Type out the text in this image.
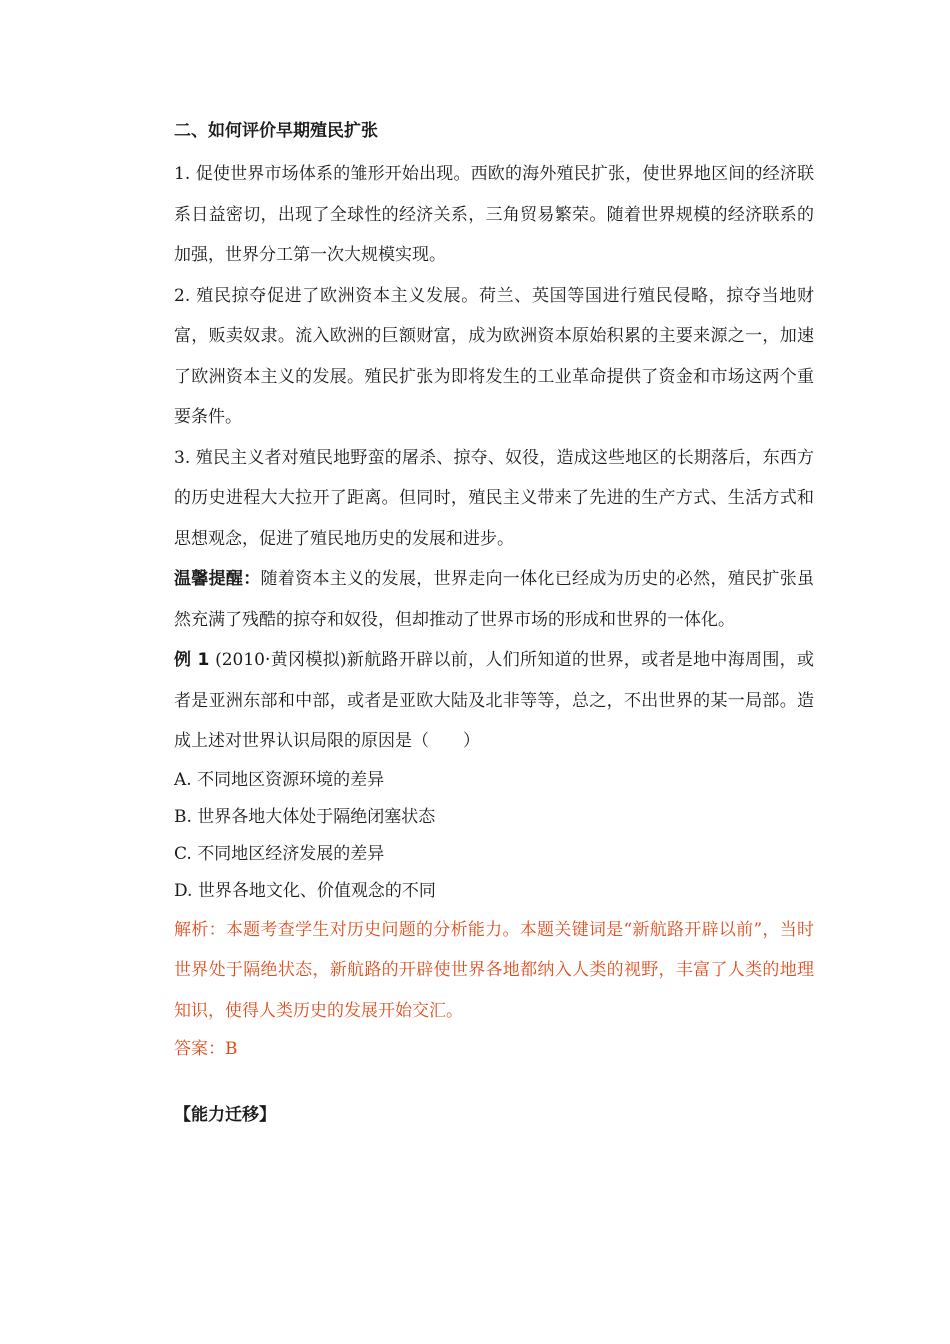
二、如何评价早期殖民扩张

1. 促使世界市场体系的雏形开始出现。西欧的海外殖民扩张，使世界地区间的经济联系日益密切，出现了全球性的经济关系，三角贸易繁荣。随着世界规模的经济联系的加强，世界分工第一次大规模实现。

2. 殖民掠夺促进了欧洲资本主义发展。荷兰、英国等国进行殖民侵略，掠夺当地财富，贩卖奴隶。流入欧洲的巨额财富，成为欧洲资本原始积累的主要来源之一，加速了欧洲资本主义的发展。殖民扩张为即将发生的工业革命提供了资金和市场这两个重要条件。

3. 殖民主义者对殖民地野蛮的屠杀、掠夺、奴役，造成这些地区的长期落后，东西方的历史进程大大拉开了距离。但同时，殖民主义带来了先进的生产方式、生活方式和思想观念，促进了殖民地历史的发展和进步。

温馨提醒：随着资本主义的发展，世界走向一体化已经成为历史的必然，殖民扩张虽然充满了残酷的掠夺和奴役，但却推动了世界市场的形成和世界的一体化。

例 1 (2010·黄冈模拟)新航路开辟以前，人们所知道的世界，或者是地中海周围，或者是亚洲东部和中部，或者是亚欧大陆及北非等等，总之，不出世界的某一局部。造成上述对世界认识局限的原因是（　　）

A. 不同地区资源环境的差异

B. 世界各地大体处于隔绝闭塞状态

C. 不同地区经济发展的差异

D. 世界各地文化、价值观念的不同

解析：本题考查学生对历史问题的分析能力。本题关键词是“新航路开辟以前”，当时世界处于隔绝状态，新航路的开辟使世界各地都纳入人类的视野，丰富了人类的地理知识，使得人类历史的发展开始交汇。

答案：B

【能力迁移】
